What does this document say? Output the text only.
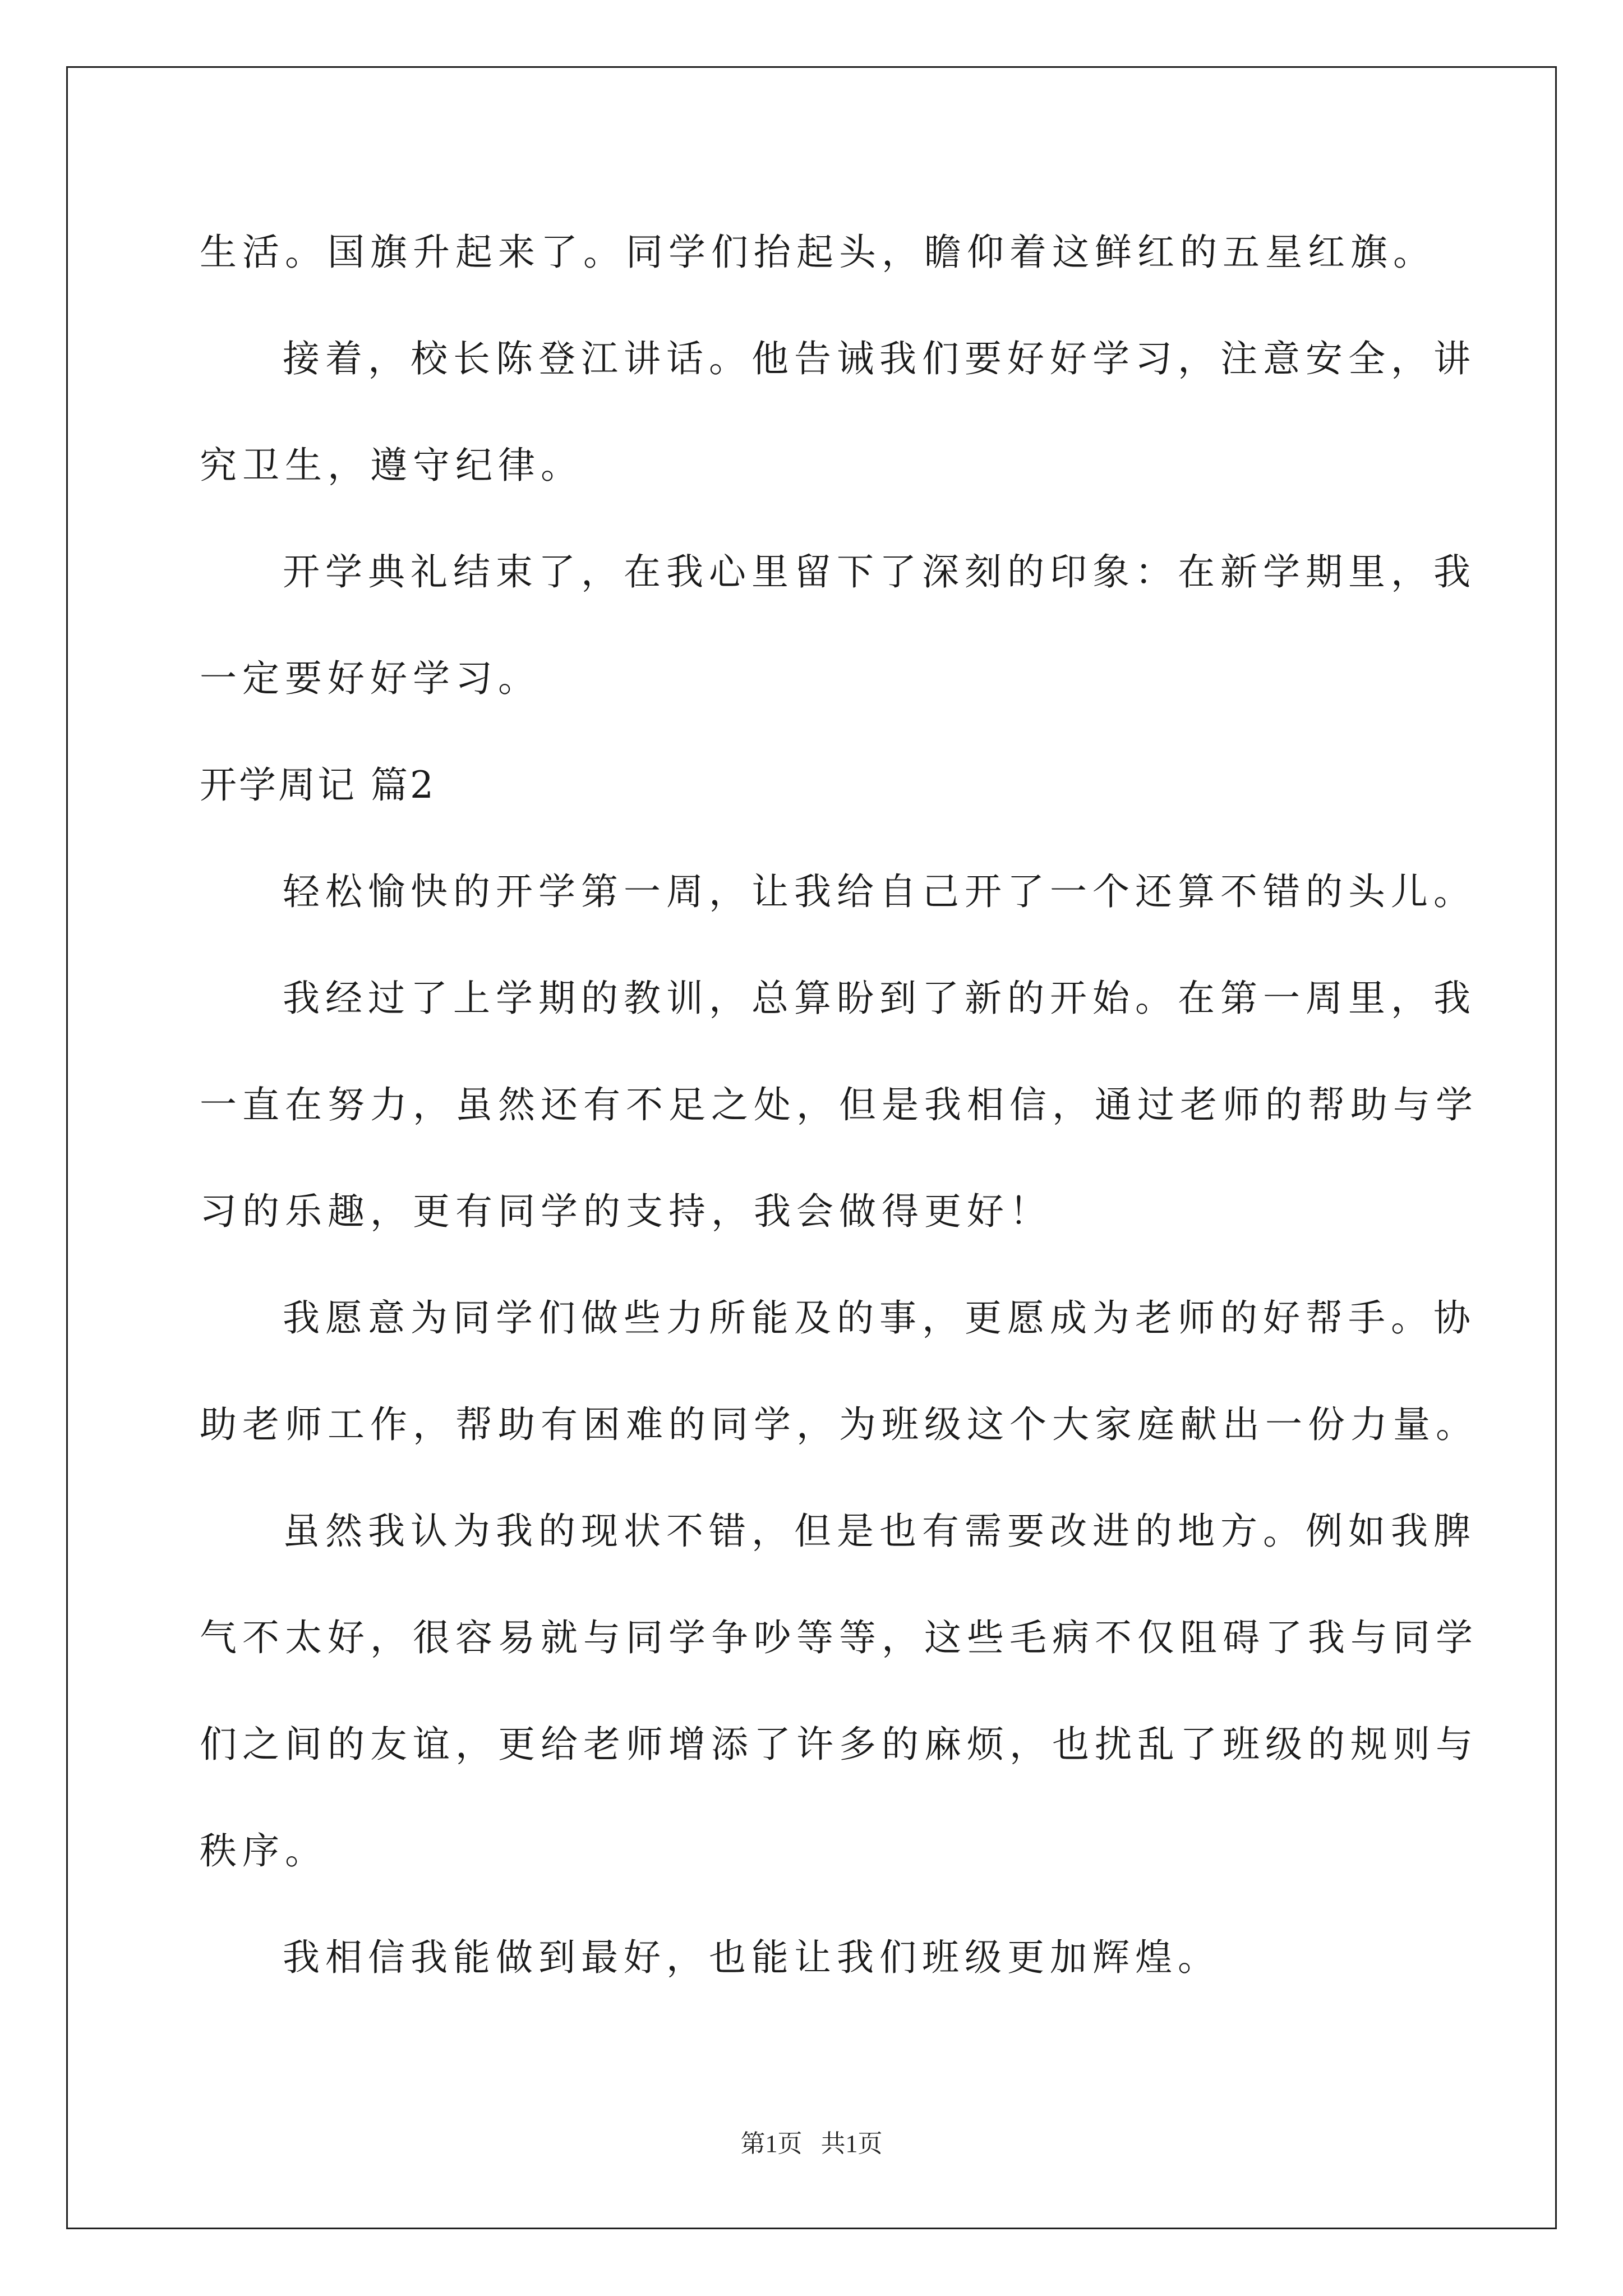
生活。国旗升起来了。同学们抬起头，瞻仰着这鲜红的五星红旗。
接着，校长陈登江讲话。他告诫我们要好好学习，注意安全，讲
究卫生，遵守纪律。
开学典礼结束了，在我心里留下了深刻的印象：在新学期里，我
一定要好好学习。
开学周记 篇2
轻松愉快的开学第一周，让我给自己开了一个还算不错的头儿。
我经过了上学期的教训，总算盼到了新的开始。在第一周里，我
一直在努力，虽然还有不足之处，但是我相信，通过老师的帮助与学
习的乐趣，更有同学的支持，我会做得更好！
我愿意为同学们做些力所能及的事，更愿成为老师的好帮手。协
助老师工作，帮助有困难的同学，为班级这个大家庭献出一份力量。
虽然我认为我的现状不错，但是也有需要改进的地方。例如我脾
气不太好，很容易就与同学争吵等等，这些毛病不仅阻碍了我与同学
们之间的友谊，更给老师增添了许多的麻烦，也扰乱了班级的规则与
秩序。
我相信我能做到最好，也能让我们班级更加辉煌。
第1页   共1页
